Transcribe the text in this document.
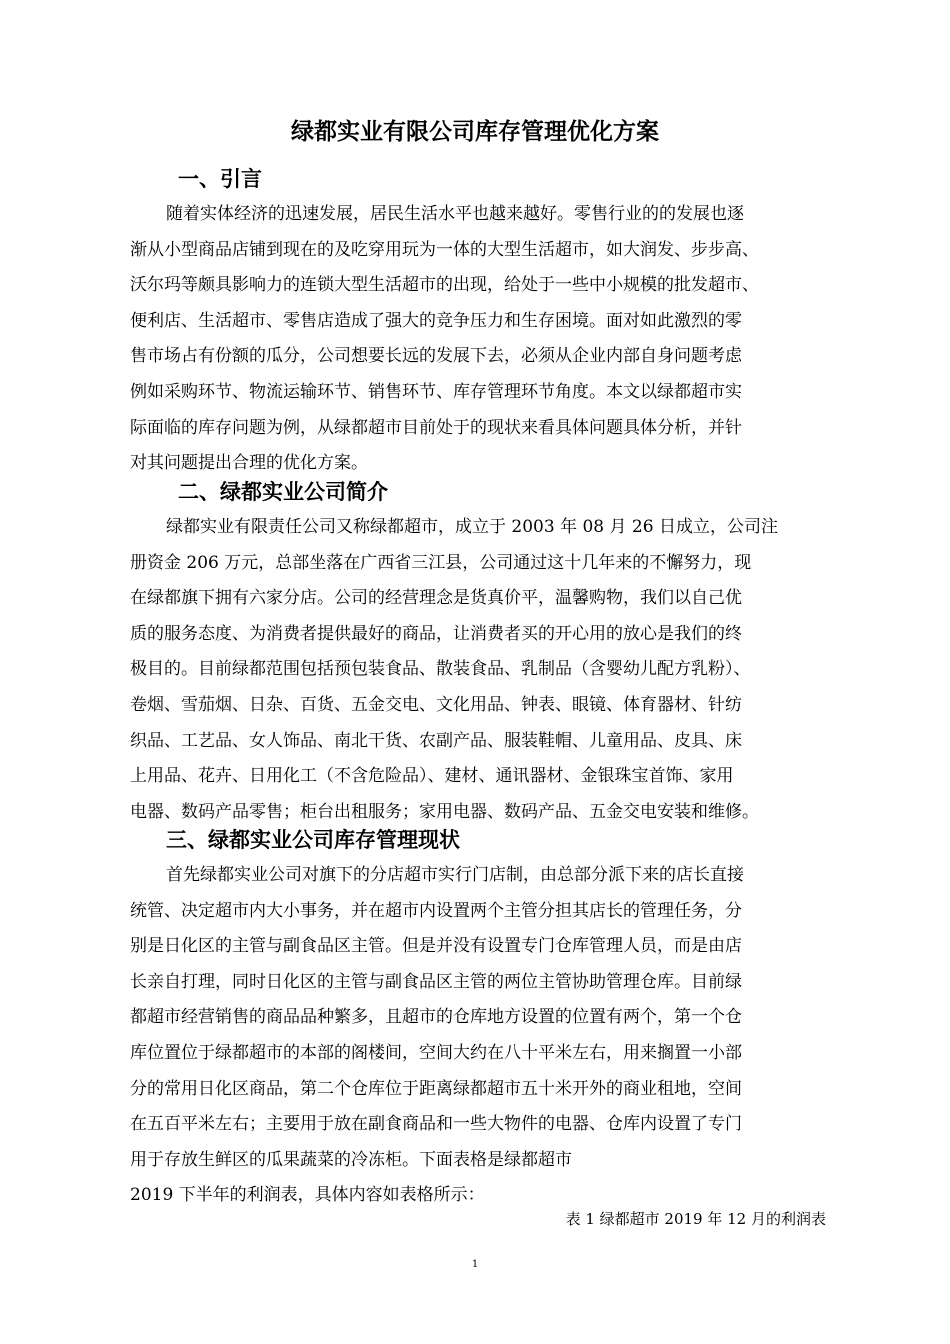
绿都实业有限公司库存管理优化方案
一、引言
随着实体经济的迅速发展，居民生活水平也越来越好。零售行业的的发展也逐
渐从小型商品店铺到现在的及吃穿用玩为一体的大型生活超市，如大润发、步步高、
沃尔玛等颇具影响力的连锁大型生活超市的出现，给处于一些中小规模的批发超市、
便利店、生活超市、零售店造成了强大的竞争压力和生存困境。面对如此激烈的零
售市场占有份额的瓜分，公司想要长远的发展下去，必须从企业内部自身问题考虑
例如采购环节、物流运输环节、销售环节、库存管理环节角度。本文以绿都超市实
际面临的库存问题为例，从绿都超市目前处于的现状来看具体问题具体分析，并针
对其问题提出合理的优化方案。
二、绿都实业公司简介
绿都实业有限责任公司又称绿都超市，成立于 2003 年 08 月 26 日成立，公司注
册资金 206 万元，总部坐落在广西省三江县，公司通过这十几年来的不懈努力，现
在绿都旗下拥有六家分店。公司的经营理念是货真价平，温馨购物，我们以自己优
质的服务态度、为消费者提供最好的商品，让消费者买的开心用的放心是我们的终
极目的。目前绿都范围包括预包装食品、散装食品、乳制品（含婴幼儿配方乳粉）、
卷烟、雪茄烟、日杂、百货、五金交电、文化用品、钟表、眼镜、体育器材、针纺
织品、工艺品、女人饰品、南北干货、农副产品、服装鞋帽、儿童用品、皮具、床
上用品、花卉、日用化工（不含危险品）、建材、通讯器材、金银珠宝首饰、家用
电器、数码产品零售；柜台出租服务；家用电器、数码产品、五金交电安装和维修。
三、绿都实业公司库存管理现状
首先绿都实业公司对旗下的分店超市实行门店制，由总部分派下来的店长直接
统管、决定超市内大小事务，并在超市内设置两个主管分担其店长的管理任务，分
别是日化区的主管与副食品区主管。但是并没有设置专门仓库管理人员，而是由店
长亲自打理，同时日化区的主管与副食品区主管的两位主管协助管理仓库。目前绿
都超市经营销售的商品品种繁多，且超市的仓库地方设置的位置有两个，第一个仓
库位置位于绿都超市的本部的阁楼间，空间大约在八十平米左右，用来搁置一小部
分的常用日化区商品，第二个仓库位于距离绿都超市五十米开外的商业租地，空间
在五百平米左右；主要用于放在副食商品和一些大物件的电器、仓库内设置了专门
用于存放生鲜区的瓜果蔬菜的冷冻柜。下面表格是绿都超市
2019 下半年的利润表，具体内容如表格所示：
表 1 绿都超市 2019 年 12 月的利润表
1
